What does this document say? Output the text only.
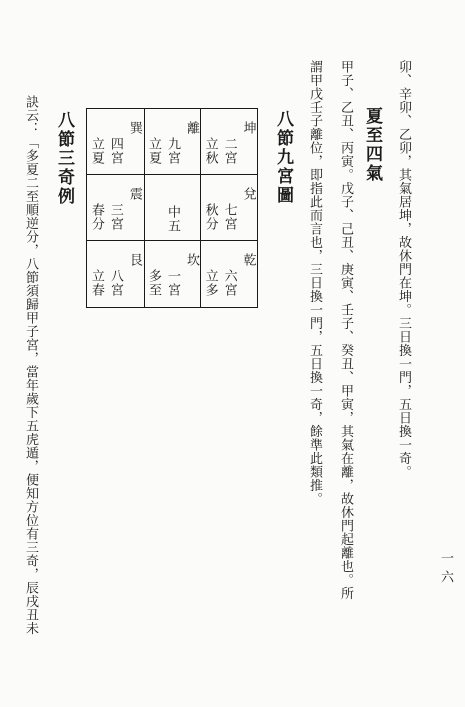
一六
卯、辛卯、乙卯，其氣居坤，故休門在坤。三日換一門，五日換一奇。
夏至四氣
甲子、乙丑、丙寅。戊子、己丑、庚寅、壬子、癸丑、甲寅，其氣在離，故休門起離也。所
謂甲戊壬子離位，即指此而言也，三日換一門，五日換一奇，餘準此類推。
八節九宮圖
巽
四宮
立夏
離
九宮
立夏
坤
二宮
立秋
震
三宮
春分	中五
兌
七宮
秋分
艮
八宮
立春
坎
一宮
多至
乾
六宮
立多
八節三奇例
訣云：「多夏二至順逆分，八節須歸甲子宮，當年歲下五虎遁，便知方位有三奇，辰戌丑未
